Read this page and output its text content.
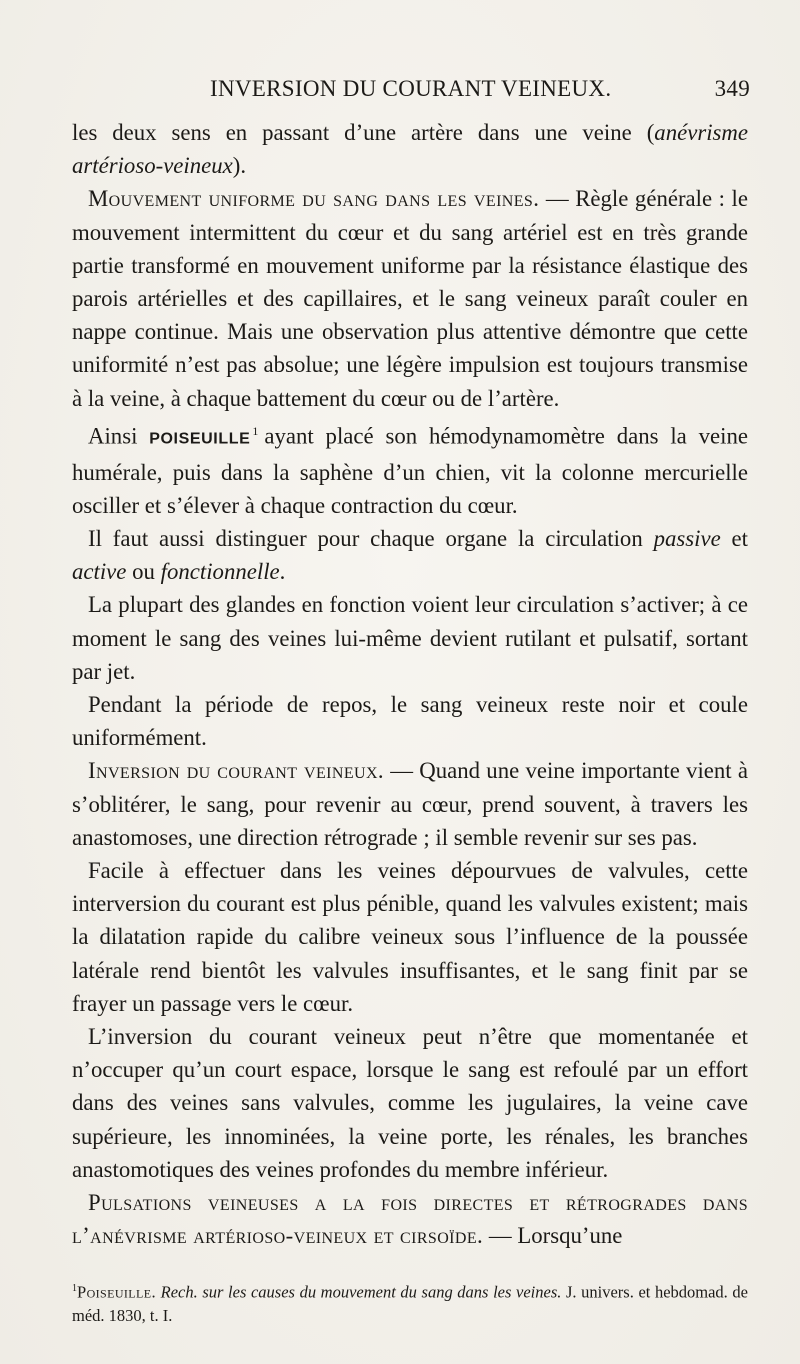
INVERSION DU COURANT VEINEUX.	349

les deux sens en passant d’une artère dans une veine (anévrisme artérioso-veineux).

Mouvement uniforme du sang dans les veines. — Règle générale : le mouvement intermittent du cœur et du sang artériel est en très grande partie transformé en mouvement uniforme par la résistance élastique des parois artérielles et des capillaires, et le sang veineux paraît couler en nappe continue. Mais une observation plus attentive démontre que cette uniformité n’est pas absolue; une légère impulsion est toujours transmise à la veine, à chaque battement du cœur ou de l’artère.

Ainsi POISEUILLE $^1$ ayant placé son hémodynamomètre dans la veine humérale, puis dans la saphène d’un chien, vit la colonne mercurielle osciller et s’élever à chaque contraction du cœur.

Il faut aussi distinguer pour chaque organe la circulation passive et active ou fonctionnelle.

La plupart des glandes en fonction voient leur circulation s’activer; à ce moment le sang des veines lui-même devient rutilant et pulsatif, sortant par jet.

Pendant la période de repos, le sang veineux reste noir et coule uniformément.

Inversion du courant veineux. — Quand une veine importante vient à s’oblitérer, le sang, pour revenir au cœur, prend souvent, à travers les anastomoses, une direction rétrograde ; il semble revenir sur ses pas.

Facile à effectuer dans les veines dépourvues de valvules, cette interversion du courant est plus pénible, quand les valvules existent; mais la dilatation rapide du calibre veineux sous l’influence de la poussée latérale rend bientôt les valvules insuffisantes, et le sang finit par se frayer un passage vers le cœur.

L’inversion du courant veineux peut n’être que momentanée et n’occuper qu’un court espace, lorsque le sang est refoulé par un effort dans des veines sans valvules, comme les jugulaires, la veine cave supérieure, les innominées, la veine porte, les rénales, les branches anastomotiques des veines profondes du membre inférieur.

Pulsations veineuses a la fois directes et rétrogrades dans l’anévrisme artérioso-veineux et cirsoïde. — Lorsqu’une

$^1$Poiseuille. Rech. sur les causes du mouvement du sang dans les veines. J. univers. et hebdomad. de méd. 1830, t. I.
